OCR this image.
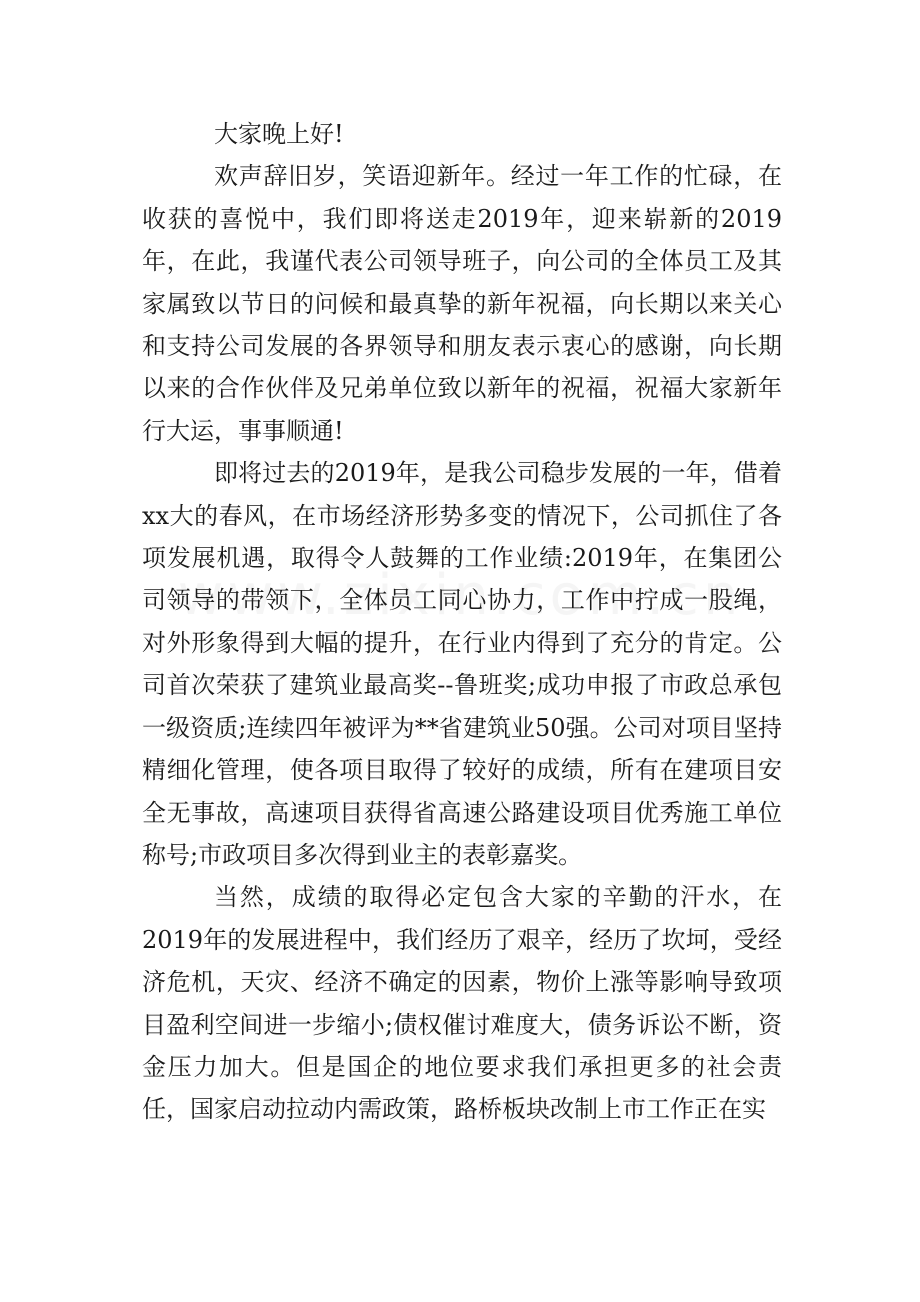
大家晚上好!

欢声辞旧岁，笑语迎新年。经过一年工作的忙碌，在收获的喜悦中，我们即将送走2019年，迎来崭新的2019年，在此，我谨代表公司领导班子，向公司的全体员工及其家属致以节日的问候和最真挚的新年祝福，向长期以来关心和支持公司发展的各界领导和朋友表示衷心的感谢，向长期以来的合作伙伴及兄弟单位致以新年的祝福，祝福大家新年行大运，事事顺通!

即将过去的2019年，是我公司稳步发展的一年，借着xx大的春风，在市场经济形势多变的情况下，公司抓住了各项发展机遇，取得令人鼓舞的工作业绩:2019年，在集团公司领导的带领下，全体员工同心协力，工作中拧成一股绳，对外形象得到大幅的提升，在行业内得到了充分的肯定。公司首次荣获了建筑业最高奖--鲁班奖;成功申报了市政总承包一级资质;连续四年被评为**省建筑业50强。公司对项目坚持精细化管理，使各项目取得了较好的成绩，所有在建项目安全无事故，高速项目获得省高速公路建设项目优秀施工单位称号;市政项目多次得到业主的表彰嘉奖。

当然，成绩的取得必定包含大家的辛勤的汗水，在2019年的发展进程中，我们经历了艰辛，经历了坎坷，受经济危机，天灾、经济不确定的因素，物价上涨等影响导致项目盈利空间进一步缩小;债权催讨难度大，债务诉讼不断，资金压力加大。但是国企的地位要求我们承担更多的社会责任，国家启动拉动内需政策，路桥板块改制上市工作正在实
